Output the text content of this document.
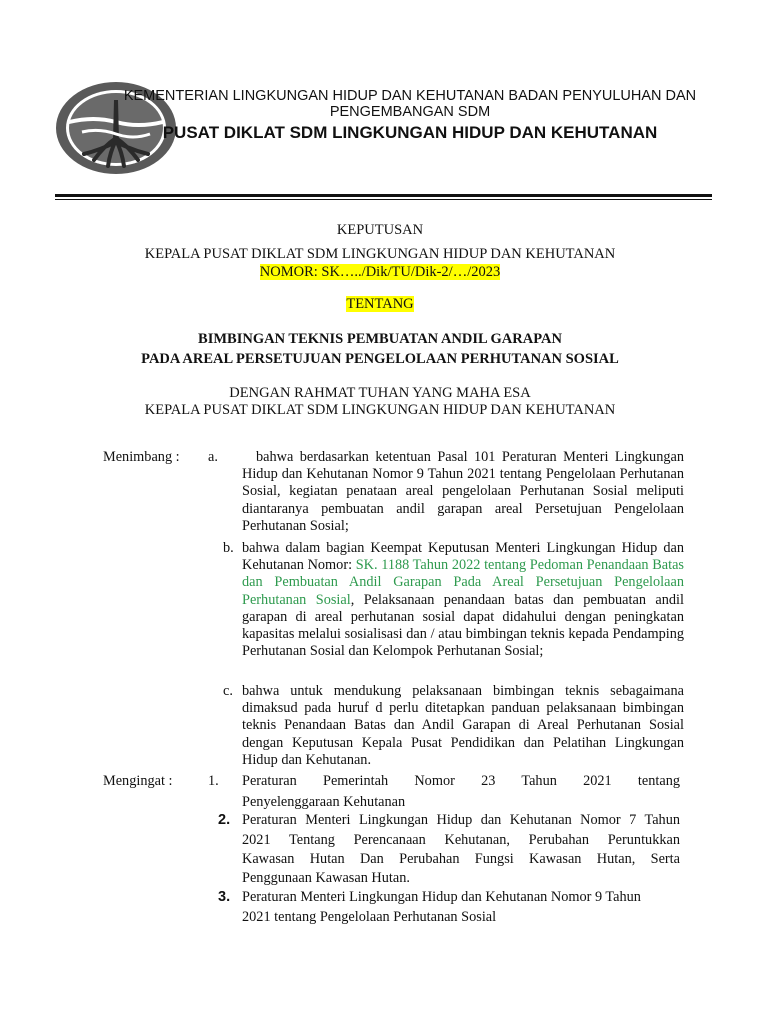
KEMENTERIAN LINGKUNGAN HIDUP DAN KEHUTANAN BADAN PENYULUHAN DAN
PENGEMBANGAN SDM
PUSAT DIKLAT SDM LINGKUNGAN HIDUP DAN KEHUTANAN
KEPUTUSAN
KEPALA PUSAT DIKLAT SDM LINGKUNGAN HIDUP DAN KEHUTANAN
NOMOR: SK…../Dik/TU/Dik-2/…/2023
TENTANG
BIMBINGAN TEKNIS PEMBUATAN ANDIL GARAPAN
PADA AREAL PERSETUJUAN PENGELOLAAN PERHUTANAN SOSIAL
DENGAN RAHMAT TUHAN YANG MAHA ESA
KEPALA PUSAT DIKLAT SDM LINGKUNGAN HIDUP DAN KEHUTANAN
Menimbang : a.	bahwa berdasarkan ketentuan Pasal 101 Peraturan Menteri Lingkungan Hidup dan Kehutanan Nomor 9 Tahun 2021 tentang Pengelolaan Perhutanan Sosial, kegiatan penataan areal pengelolaan Perhutanan Sosial meliputi diantaranya pembuatan andil garapan areal Persetujuan Pengelolaan Perhutanan Sosial;
b. bahwa dalam bagian Keempat Keputusan Menteri Lingkungan Hidup dan Kehutanan Nomor: SK. 1188 Tahun 2022 tentang Pedoman Penandaan Batas dan Pembuatan Andil Garapan Pada Areal Persetujuan Pengelolaan Perhutanan Sosial, Pelaksanaan penandaan batas dan pembuatan andil garapan di areal perhutanan sosial dapat didahului dengan peningkatan kapasitas melalui sosialisasi dan / atau bimbingan teknis kepada Pendamping Perhutanan Sosial dan Kelompok Perhutanan Sosial;
c. bahwa untuk mendukung pelaksanaan bimbingan teknis sebagaimana dimaksud pada huruf d perlu ditetapkan panduan pelaksanaan bimbingan teknis Penandaan Batas dan Andil Garapan di Areal Perhutanan Sosial dengan Keputusan Kepala Pusat Pendidikan dan Pelatihan Lingkungan Hidup dan Kehutanan.
Mengingat : 1. Peraturan Pemerintah Nomor 23 Tahun 2021 tentang
Penyelenggaraan Kehutanan
2. Peraturan Menteri Lingkungan Hidup dan Kehutanan Nomor 7 Tahun
2021 Tentang Perencanaan Kehutanan, Perubahan Peruntukkan
Kawasan Hutan Dan Perubahan Fungsi Kawasan Hutan, Serta
Penggunaan Kawasan Hutan.
3. Peraturan Menteri Lingkungan Hidup dan Kehutanan Nomor 9 Tahun
2021 tentang Pengelolaan Perhutanan Sosial
